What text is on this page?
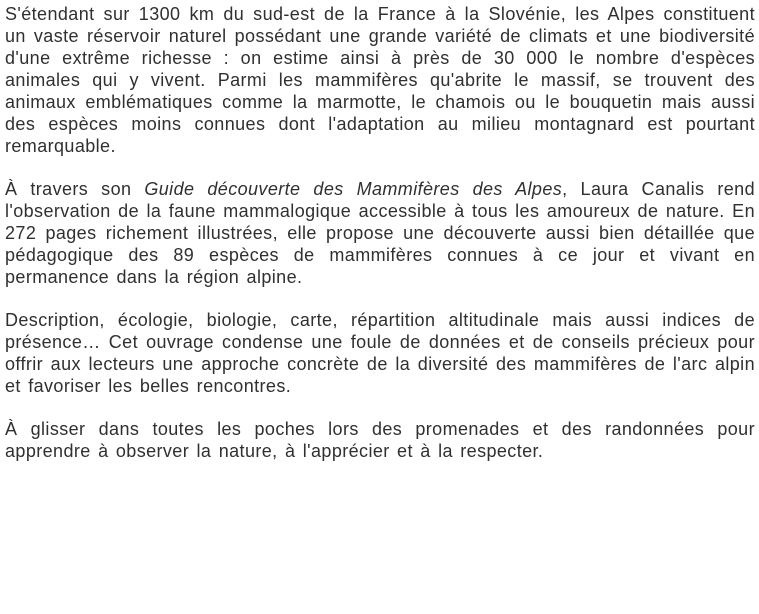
S'étendant sur 1300 km du sud-est de la France à la Slovénie, les Alpes constituent un vaste réservoir naturel possédant une grande variété de climats et une biodiversité d'une extrême richesse : on estime ainsi à près de 30 000 le nombre d'espèces animales qui y vivent. Parmi les mammifères qu'abrite le massif, se trouvent des animaux emblématiques comme la marmotte, le chamois ou le bouquetin mais aussi des espèces moins connues dont l'adaptation au milieu montagnard est pourtant remarquable.

À travers son Guide découverte des Mammifères des Alpes, Laura Canalis rend l'observation de la faune mammalogique accessible à tous les amoureux de nature. En 272 pages richement illustrées, elle propose une découverte aussi bien détaillée que pédagogique des 89 espèces de mammifères connues à ce jour et vivant en permanence dans la région alpine.

Description, écologie, biologie, carte, répartition altitudinale mais aussi indices de présence… Cet ouvrage condense une foule de données et de conseils précieux pour offrir aux lecteurs une approche concrète de la diversité des mammifères de l'arc alpin et favoriser les belles rencontres.

À glisser dans toutes les poches lors des promenades et des randonnées pour apprendre à observer la nature, à l'apprécier et à la respecter.
